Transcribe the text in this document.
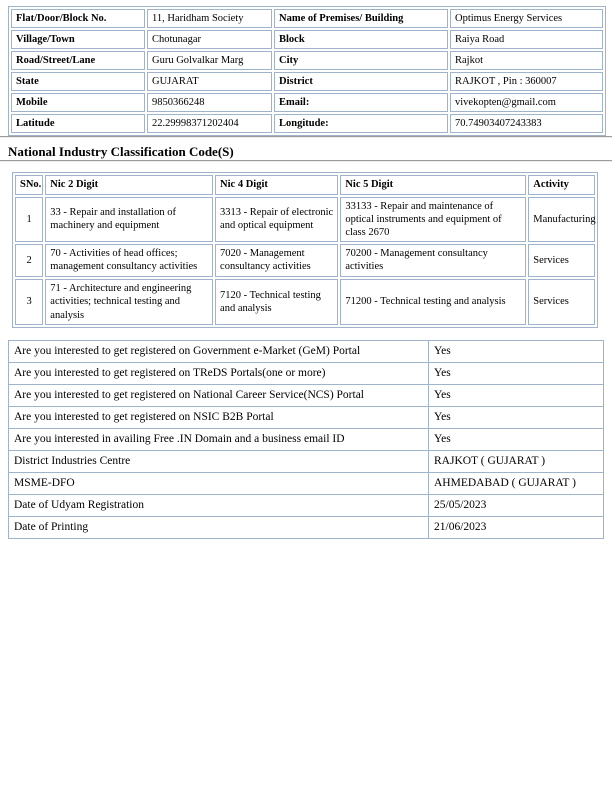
Flat/Door/Block No.	11, Haridham Society	Name of Premises/ Building	Optimus Energy Services
Village/Town	Chotunagar	Block	Raiya Road
Road/Street/Lane	Guru Golvalkar Marg	City	Rajkot
State	GUJARAT	District	RAJKOT , Pin : 360007
Mobile	9850366248	Email:	vivekopten@gmail.com
Latitude	22.29998371202404	Longitude:	70.74903407243383
National Industry Classification Code(S)
SNo.	Nic 2 Digit	Nic 4 Digit	Nic 5 Digit	Activity
1	33 - Repair and installation of machinery and equipment	3313 - Repair of electronic and optical equipment	33133 - Repair and maintenance of optical instruments and equipment of class 2670	Manufacturing
2	70 - Activities of head offices; management consultancy activities	7020 - Management consultancy activities	70200 - Management consultancy activities	Services
3	71 - Architecture and engineering activities; technical testing and analysis	7120 - Technical testing and analysis	71200 - Technical testing and analysis	Services
Are you interested to get registered on Government e-Market (GeM) Portal	Yes
Are you interested to get registered on TReDS Portals(one or more)	Yes
Are you interested to get registered on National Career Service(NCS) Portal	Yes
Are you interested to get registered on NSIC B2B Portal	Yes
Are you interested in availing Free .IN Domain and a business email ID	Yes
District Industries Centre	RAJKOT ( GUJARAT )
MSME-DFO	AHMEDABAD ( GUJARAT )
Date of Udyam Registration	25/05/2023
Date of Printing	21/06/2023
